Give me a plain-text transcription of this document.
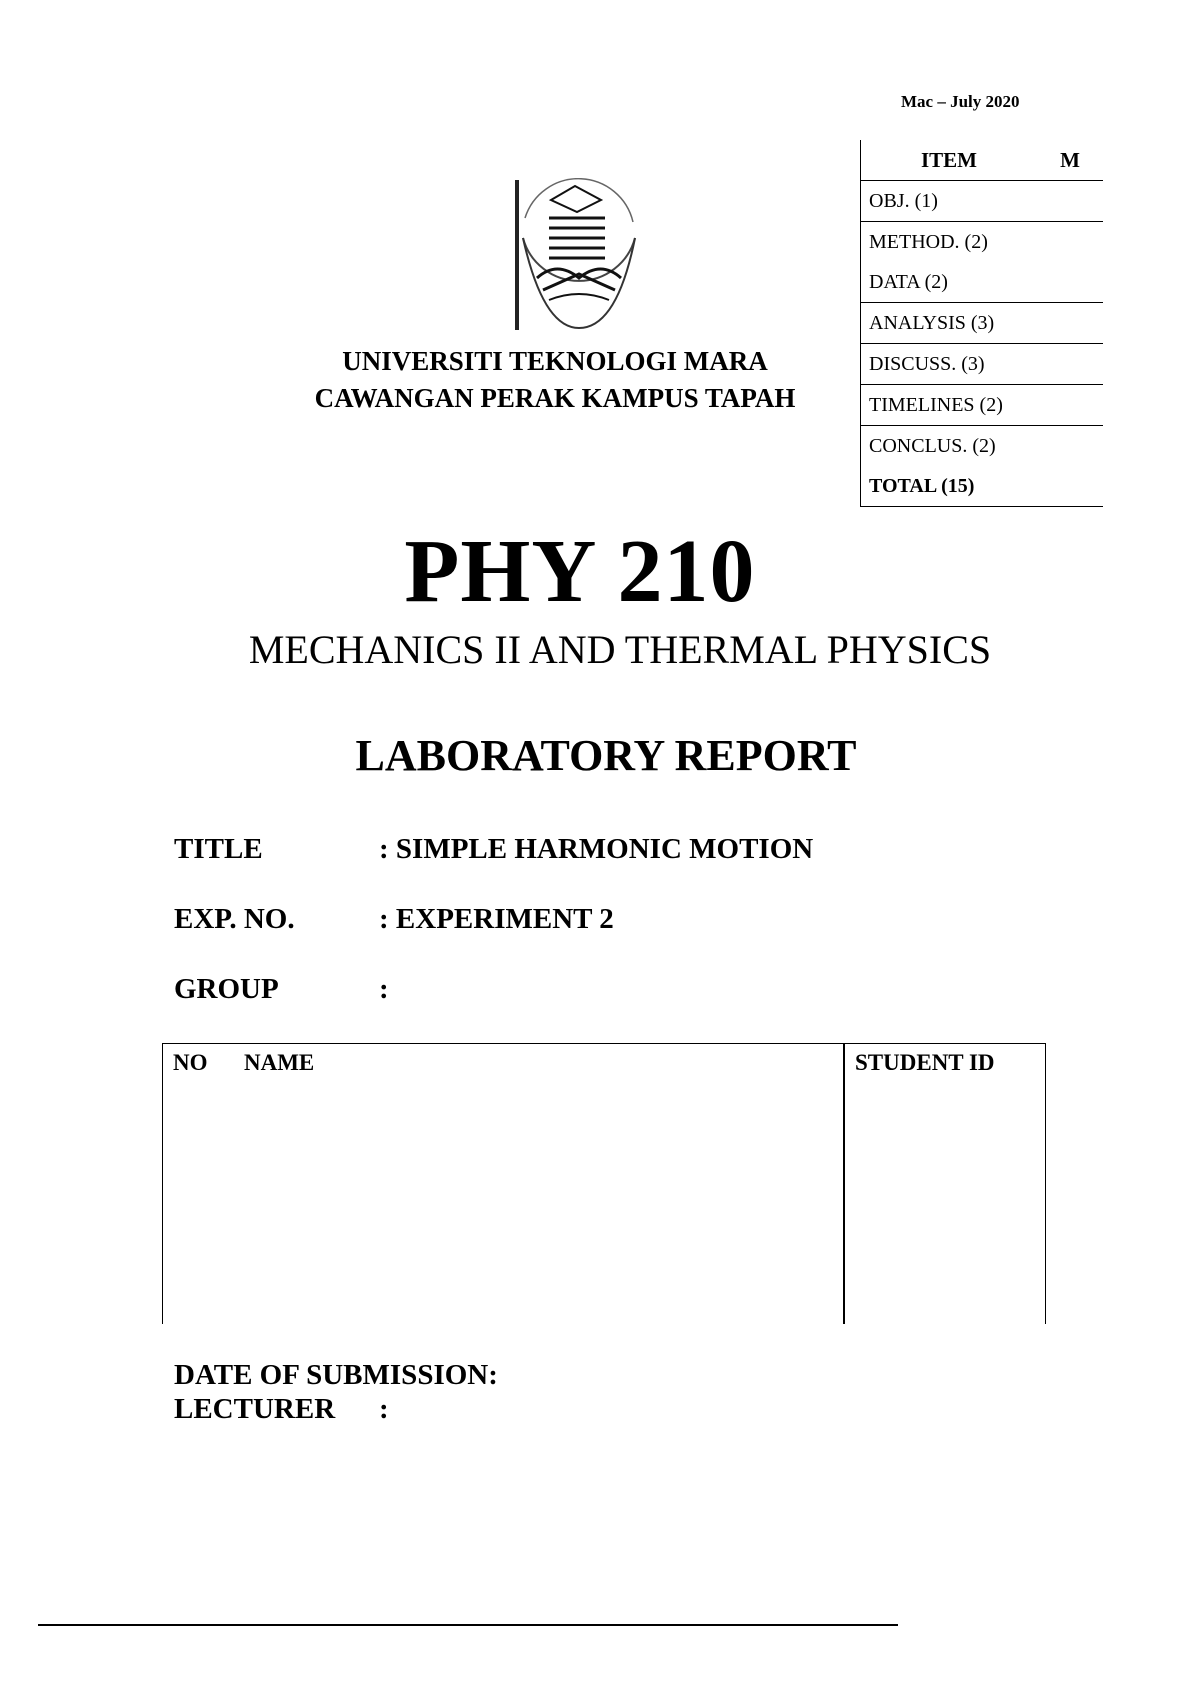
Mac – July 2020
ITEM	M
OBJ. (1)	
METHOD. (2)	
DATA (2)	
ANALYSIS (3)	
DISCUSS. (3)	
TIMELINES (2)	
CONCLUS. (2)	
TOTAL (15)	
UNIVERSITI TEKNOLOGI MARA
CAWANGAN PERAK KAMPUS TAPAH
PHY 210
MECHANICS II AND THERMAL PHYSICS
LABORATORY REPORT
TITLE	: SIMPLE HARMONIC MOTION
EXP. NO.	: EXPERIMENT 2
GROUP	:
NO NAME	STUDENT ID
DATE OF SUBMISSION:
LECTURER :
